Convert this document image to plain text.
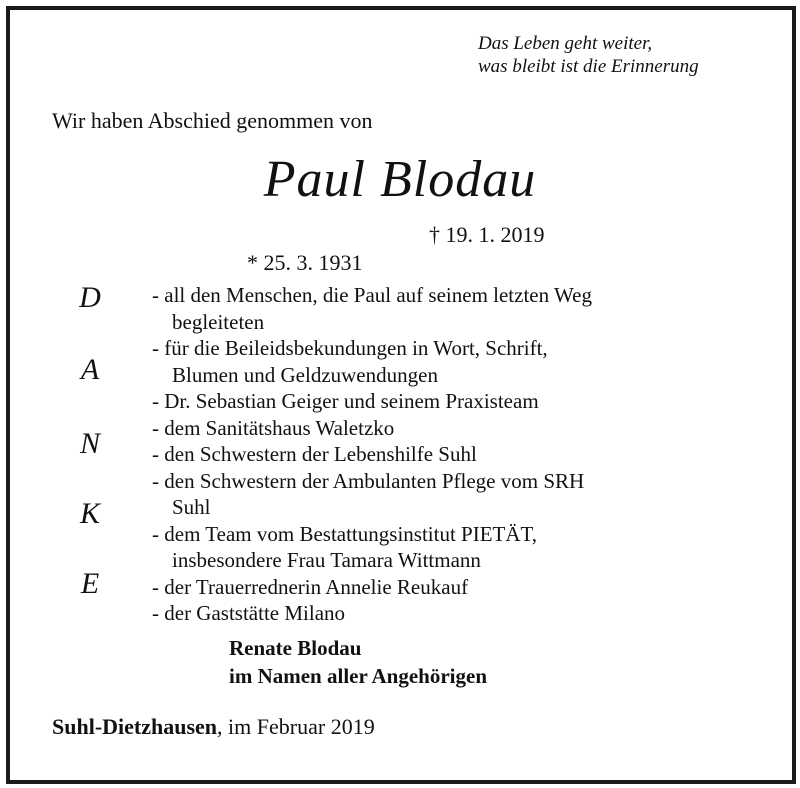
Das Leben geht weiter,
was bleibt ist die Erinnerung
Wir haben Abschied genommen von
Paul Blodau

* 25. 3. 1931

† 19. 1. 2019

D
A
N
K
E
- all den Menschen, die Paul auf seinem letzten Weg
begleiteten
- für die Beileidsbekundungen in Wort, Schrift,
Blumen und Geldzuwendungen
- Dr. Sebastian Geiger und seinem Praxisteam
- dem Sanitätshaus Waletzko
- den Schwestern der Lebenshilfe Suhl
- den Schwestern der Ambulanten Pflege vom SRH
Suhl
- dem Team vom Bestattungsinstitut PIETÄT,
insbesondere Frau Tamara Wittmann
- der Trauerrednerin Annelie Reukauf
- der Gaststätte Milano
Renate Blodau
im Namen aller Angehörigen
Suhl-Dietzhausen, im Februar 2019
